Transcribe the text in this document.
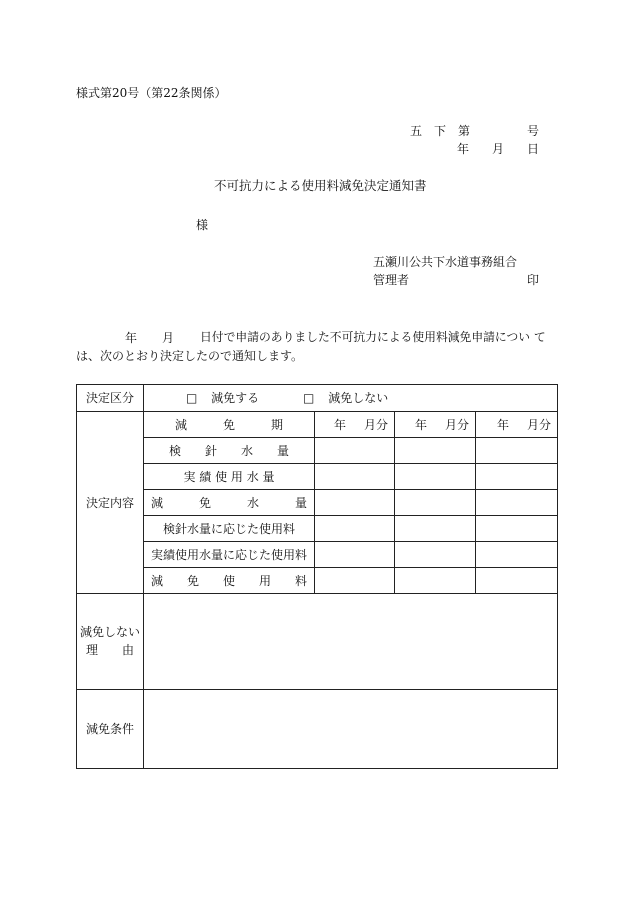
様式第20号（第22条関係）
五　下　第	号
年 月 日
不可抗力による使用料減免決定通知書
様
五瀬川公共下水道事務組合
管理者	印
年 月 日付で申請のありました不可抗力による使用料減免申請につい て
は、次のとおり決定したので通知します。
決定区分	□ 減免する □ 減免しない			
決定内容	減　　　免　　　期	年 月分	年 月分	年 月分
	検　　針　　水　　量			
	実 績 使 用 水 量			
	減　　　免　　　水　　　量			
	検針水量に応じた使用料			
	実績使用水量に応じた使用料			
	減　　免　　使　　用　　料			
減免しない
理　　由				
減免条件				
